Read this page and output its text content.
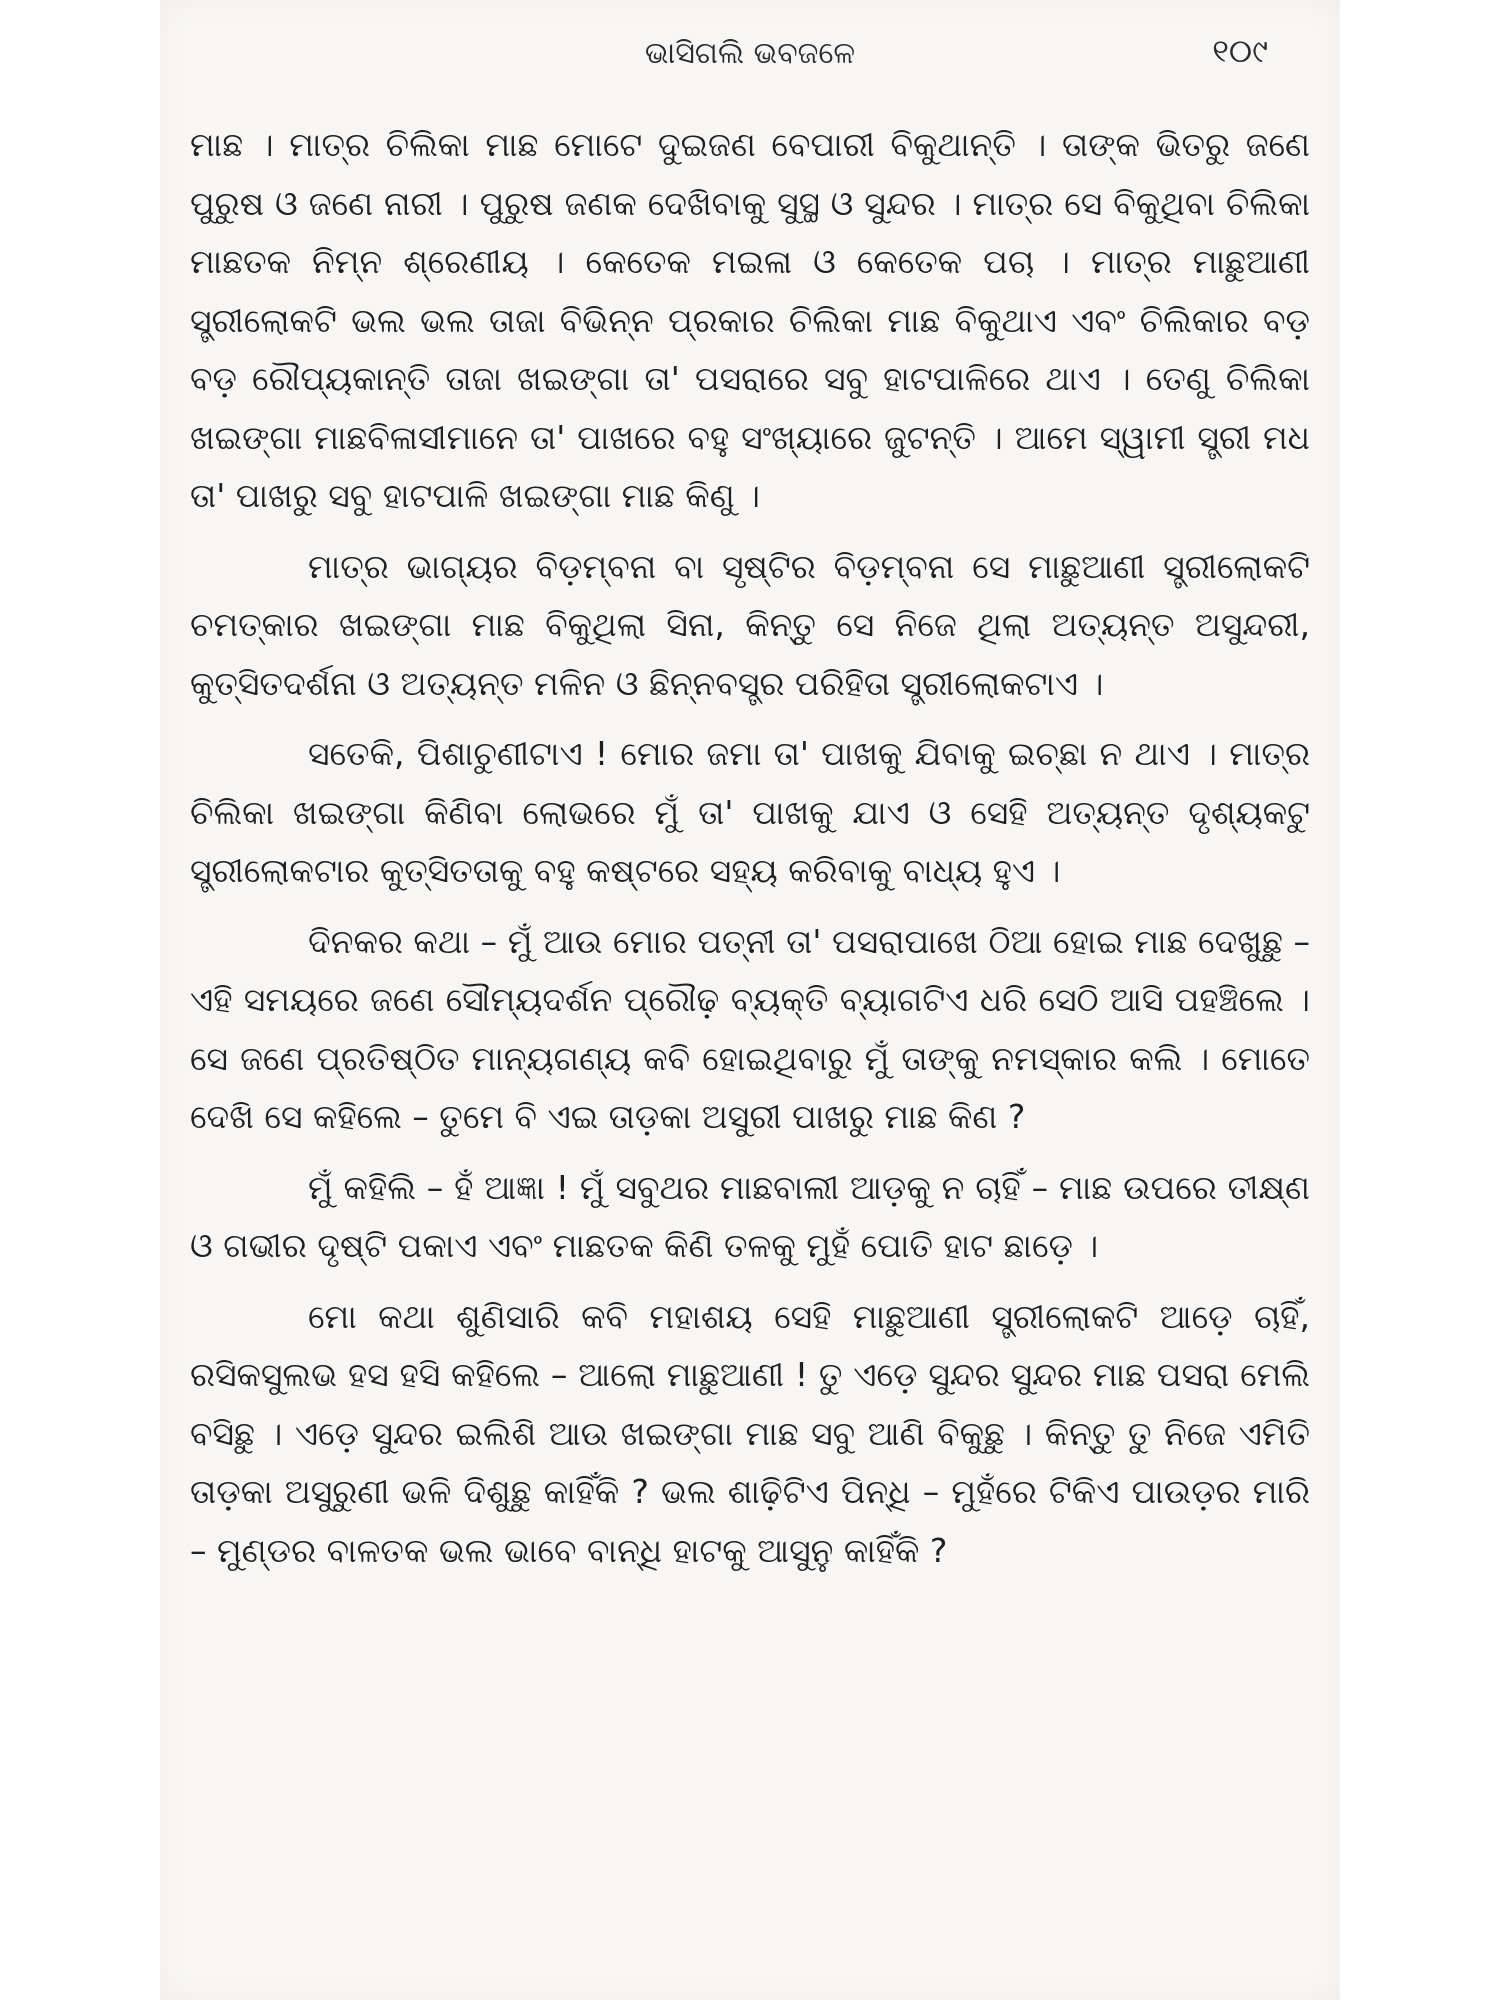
ଭାସିଗଲି ଭବଜଳେ	୧୦୯

ମାଛ । ମାତ୍ର ଚିଲିକା ମାଛ ମୋଟେ ଦୁଇଜଣ ବେପାରୀ ବିକୁଥାନ୍ତି । ତାଙ୍କ ଭିତରୁ ଜଣେ ପୁରୁଷ ଓ ଜଣେ ନାରୀ । ପୁରୁଷ ଜଣକ ଦେଖିବାକୁ ସୁସ୍ଥ ଓ ସୁନ୍ଦର । ମାତ୍ର ସେ ବିକୁଥିବା ଚିଲିକା ମାଛତକ ନିମ୍ନ ଶ୍ରେଣୀୟ । କେତେକ ମଇଳା ଓ କେତେକ ପଚା । ମାତ୍ର ମାଛୁଆଣୀ ସ୍ତ୍ରୀଲୋକଟି ଭଲ ଭଲ ତାଜା ବିଭିନ୍ନ ପ୍ରକାର ଚିଲିକା ମାଛ ବିକୁଥାଏ ଏବଂ ଚିଲିକାର ବଡ଼ ବଡ଼ ରୌପ୍ୟକାନ୍ତି ତାଜା ଖଇଙ୍ଗା ତା' ପସରାରେ ସବୁ ହାଟପାଳିରେ ଥାଏ । ତେଣୁ ଚିଲିକା ଖଇଙ୍ଗା ମାଛବିଳାସୀମାନେ ତା' ପାଖରେ ବହୁ ସଂଖ୍ୟାରେ ଜୁଟନ୍ତି । ଆମେ ସ୍ୱାମୀ ସ୍ତ୍ରୀ ମଧ ତା' ପାଖରୁ ସବୁ ହାଟପାଳି ଖଇଙ୍ଗା ମାଛ କିଣୁ ।

ମାତ୍ର ଭାଗ୍ୟର ବିଡ଼ମ୍ବନା ବା ସୃଷ୍ଟିର ବିଡ଼ମ୍ବନା ସେ ମାଛୁଆଣୀ ସ୍ତ୍ରୀଲୋକଟି ଚମତ୍କାର ଖଇଙ୍ଗା ମାଛ ବିକୁଥିଲା ସିନା, କିନ୍ତୁ ସେ ନିଜେ ଥିଲା ଅତ୍ୟନ୍ତ ଅସୁନ୍ଦରୀ, କୁତ୍ସିତଦର୍ଶନା ଓ ଅତ୍ୟନ୍ତ ମଳିନ ଓ ଛିନ୍ନବସ୍ତ୍ର ପରିହିତା ସ୍ତ୍ରୀଲୋକଟାଏ ।

ସତେକି, ପିଶାଚୁଣୀଟାଏ ! ମୋର ଜମା ତା' ପାଖକୁ ଯିବାକୁ ଇଚ୍ଛା ନ ଥାଏ । ମାତ୍ର ଚିଲିକା ଖଇଙ୍ଗା କିଣିବା ଲୋଭରେ ମୁଁ ତା' ପାଖକୁ ଯାଏ ଓ ସେହି ଅତ୍ୟନ୍ତ ଦୃଶ୍ୟକଟୁ ସ୍ତ୍ରୀଲୋକଟାର କୁତ୍ସିତତାକୁ ବହୁ କଷ୍ଟରେ ସହ୍ୟ କରିବାକୁ ବାଧ୍ୟ ହୁଏ ।

ଦିନକର କଥା – ମୁଁ ଆଉ ମୋର ପତ୍ନୀ ତା' ପସରାପାଖେ ଠିଆ ହୋଇ ମାଛ ଦେଖୁଛୁ – ଏହି ସମୟରେ ଜଣେ ସୌମ୍ୟଦର୍ଶନ ପ୍ରୌଢ଼ ବ୍ୟକ୍ତି ବ୍ୟାଗଟିଏ ଧରି ସେଠି ଆସି ପହଞ୍ଚିଲେ । ସେ ଜଣେ ପ୍ରତିଷ୍ଠିତ ମାନ୍ୟଗଣ୍ୟ କବି ହୋଇଥିବାରୁ ମୁଁ ତାଙ୍କୁ ନମସ୍କାର କଲି । ମୋତେ ଦେଖି ସେ କହିଲେ – ତୁମେ ବି ଏଇ ତାଡ଼କା ଅସୁରୀ ପାଖରୁ ମାଛ କିଣ ?

ମୁଁ କହିଲି – ହଁ ଆଜ୍ଞା ! ମୁଁ ସବୁଥର ମାଛବାଲୀ ଆଡ଼କୁ ନ ଚାହିଁ – ମାଛ ଉପରେ ତୀକ୍ଷ୍ଣ ଓ ଗଭୀର ଦୃଷ୍ଟି ପକାଏ ଏବଂ ମାଛତକ କିଣି ତଳକୁ ମୁହଁ ପୋତି ହାଟ ଛାଡ଼େ ।

ମୋ କଥା ଶୁଣିସାରି କବି ମହାଶୟ ସେହି ମାଛୁଆଣୀ ସ୍ତ୍ରୀଲୋକଟି ଆଡ଼େ ଚାହିଁ, ରସିକସୁଲଭ ହସ ହସି କହିଲେ – ଆଲୋ ମାଛୁଆଣୀ ! ତୁ ଏଡ଼େ ସୁନ୍ଦର ସୁନ୍ଦର ମାଛ ପସରା ମେଲି ବସିଛୁ । ଏଡ଼େ ସୁନ୍ଦର ଇଲିଶି ଆଉ ଖଇଙ୍ଗା ମାଛ ସବୁ ଆଣି ବିକୁଛୁ । କିନ୍ତୁ ତୁ ନିଜେ ଏମିତି ତାଡ଼କା ଅସୁରୁଣୀ ଭଳି ଦିଶୁଛୁ କାହିଁକି ? ଭଲ ଶାଢ଼ିଟିଏ ପିନ୍ଧି – ମୁହଁରେ ଟିକିଏ ପାଉଡ଼ର ମାରି – ମୁଣ୍ଡର ବାଳତକ ଭଲ ଭାବେ ବାନ୍ଧି ହାଟକୁ ଆସୁନୁ କାହିଁକି ?
